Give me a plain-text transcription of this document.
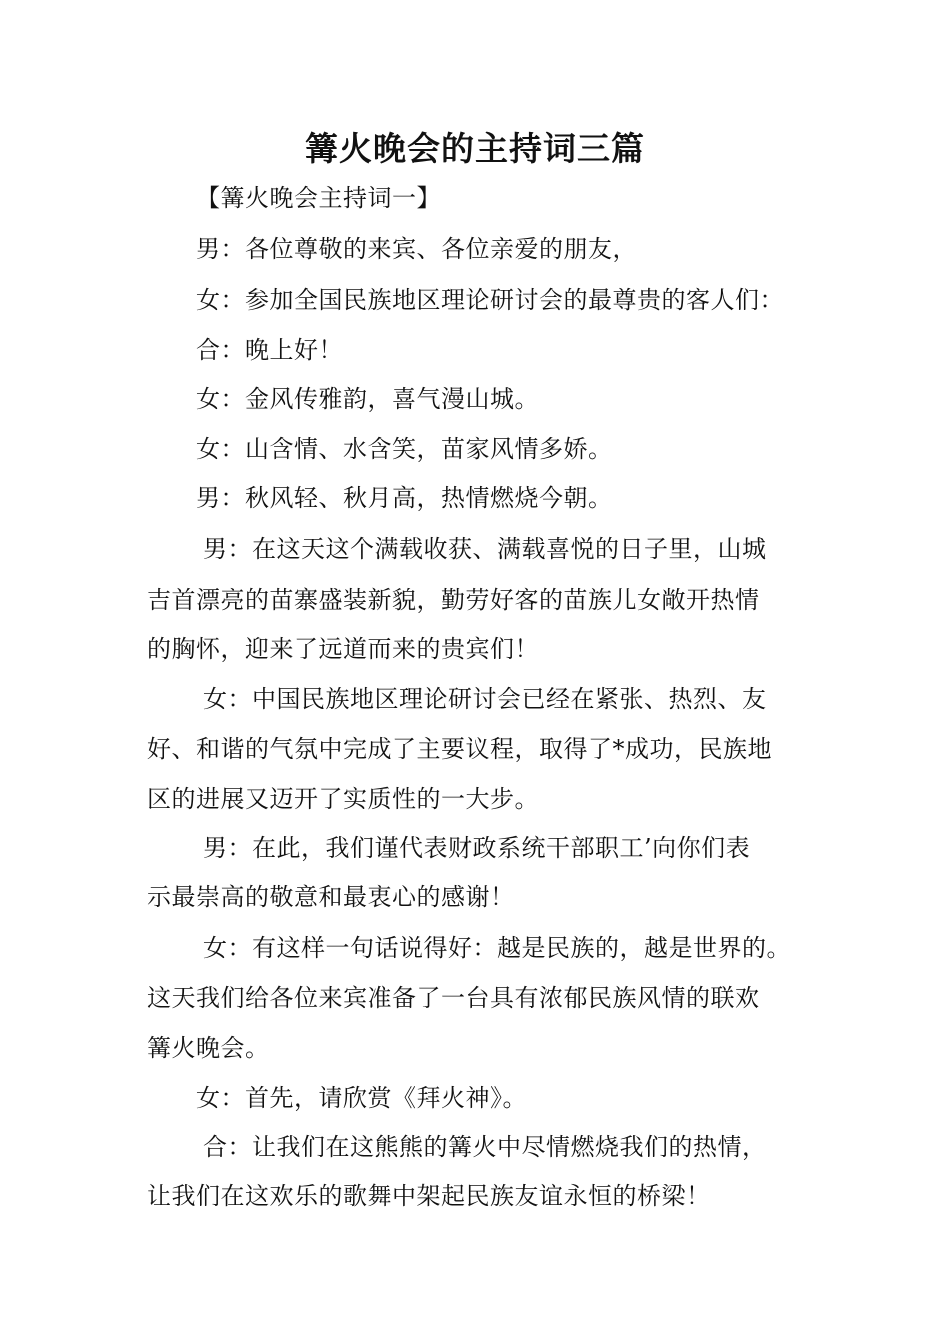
篝火晚会的主持词三篇
【篝火晚会主持词一】
男：各位尊敬的来宾、各位亲爱的朋友，
女：参加全国民族地区理论研讨会的最尊贵的客人们：
合：晚上好！
女：金风传雅韵，喜气漫山城。
女：山含情、水含笑，苗家风情多娇。
男：秋风轻、秋月高，热情燃烧今朝。
男：在这天这个满载收获、满载喜悦的日子里，山城
吉首漂亮的苗寨盛装新貌，勤劳好客的苗族儿女敞开热情
的胸怀，迎来了远道而来的贵宾们！
女：中国民族地区理论研讨会已经在紧张、热烈、友
好、和谐的气氛中完成了主要议程，取得了*成功，民族地
区的进展又迈开了实质性的一大步。
男：在此，我们谨代表财政系统干部职工’向你们表
示最崇高的敬意和最衷心的感谢！
女：有这样一句话说得好：越是民族的，越是世界的。
这天我们给各位来宾准备了一台具有浓郁民族风情的联欢
篝火晚会。
女：首先，请欣赏《拜火神》。
合：让我们在这熊熊的篝火中尽情燃烧我们的热情，
让我们在这欢乐的歌舞中架起民族友谊永恒的桥梁！
